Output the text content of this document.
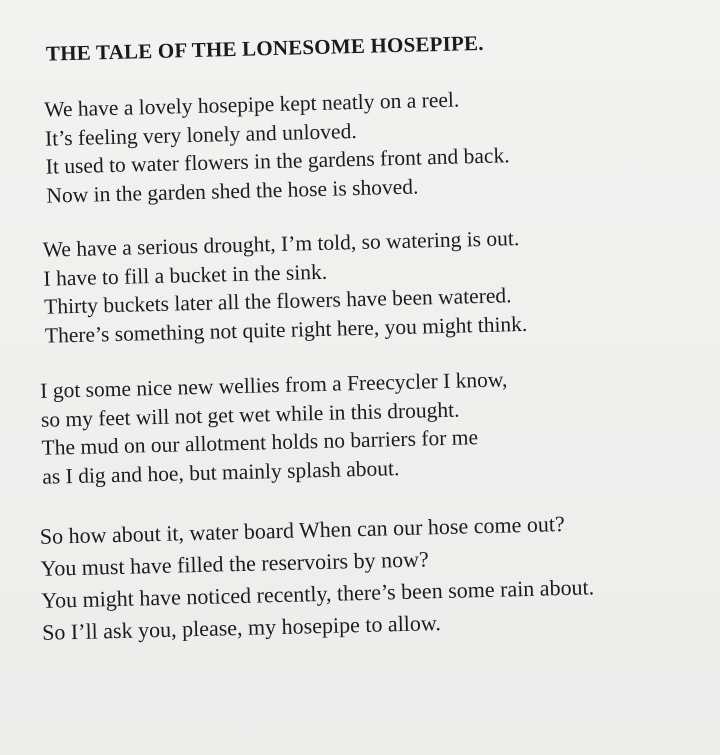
THE TALE OF THE LONESOME HOSEPIPE.
We have a lovely hosepipe kept neatly on a reel.
It’s feeling very lonely and unloved.
It used to water flowers in the gardens front and back.
Now in the garden shed the hose is shoved.
We have a serious drought, I’m told, so watering is out.
I have to fill a bucket in the sink.
Thirty buckets later all the flowers have been watered.
There’s something not quite right here, you might think.
I got some nice new wellies from a Freecycler I know,
so my feet will not get wet while in this drought.
The mud on our allotment holds no barriers for me
as I dig and hoe, but mainly splash about.
So how about it, water board When can our hose come out?
You must have filled the reservoirs by now?
You might have noticed recently, there’s been some rain about.
So I’ll ask you, please, my hosepipe to allow.
